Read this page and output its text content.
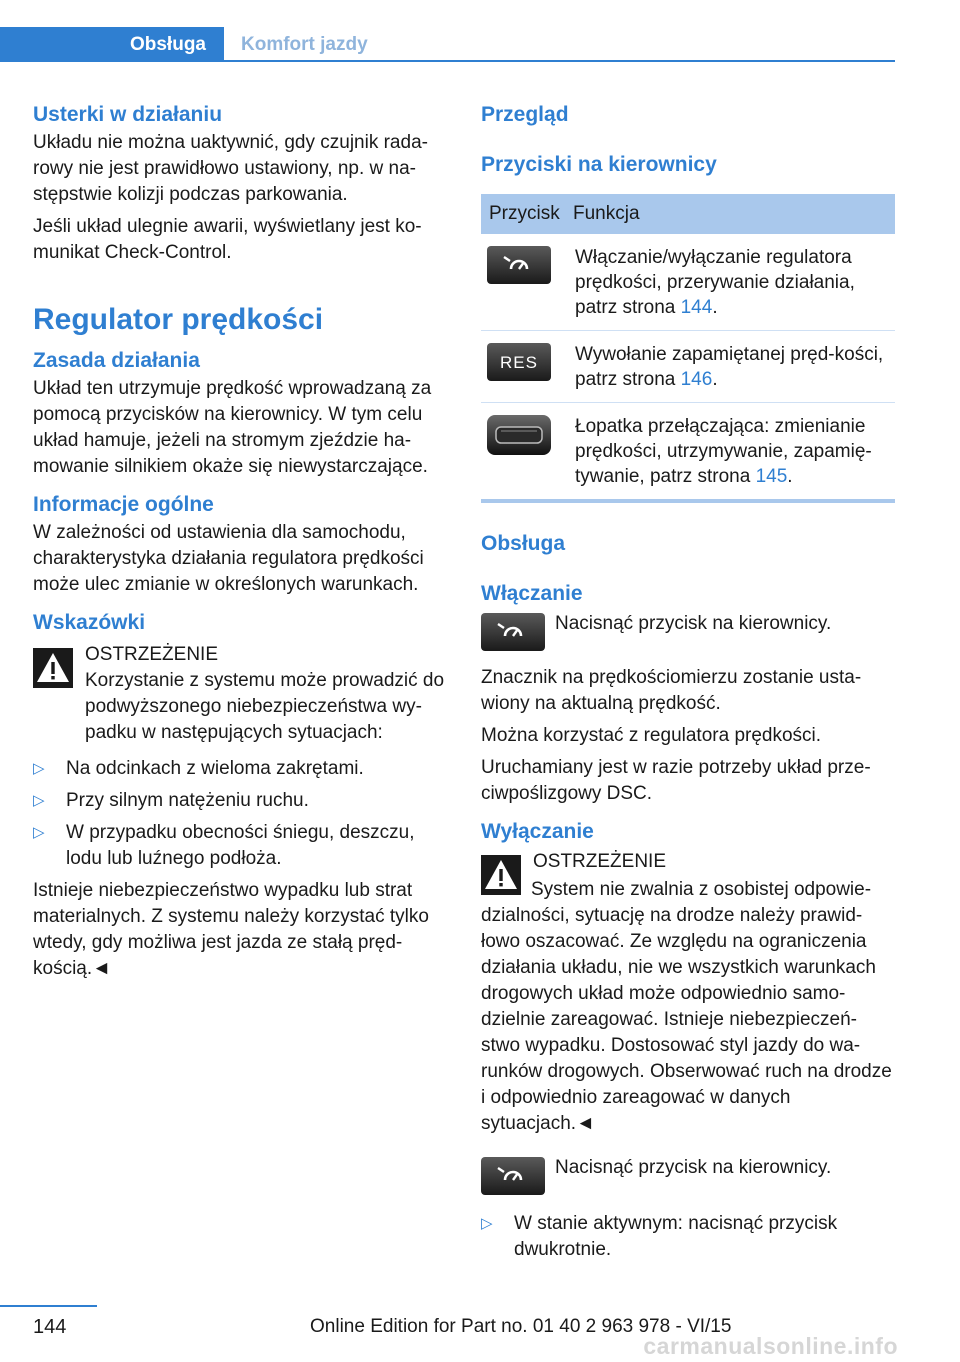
Obsługa	Komfort jazdy
Usterki w działaniu

Układu nie można uaktywnić, gdy czujnik rada-rowy nie jest prawidłowo ustawiony, np. w na-stępstwie kolizji podczas parkowania.

Jeśli układ ulegnie awarii, wyświetlany jest ko-munikat Check-Control.

Regulator prędkości
Zasada działania

Układ ten utrzymuje prędkość wprowadzaną za pomocą przycisków na kierownicy. W tym celu układ hamuje, jeżeli na stromym zjeździe ha-mowanie silnikiem okaże się niewystarczające.

Informacje ogólne

W zależności od ustawienia dla samochodu, charakterystyka działania regulatora prędkości może ulec zmianie w określonych warunkach.

Wskazówki

OSTRZEŻENIE

Korzystanie z systemu może prowadzić do podwyższonego niebezpieczeństwa wy-padku w następujących sytuacjach:

▷ Na odcinkach z wieloma zakrętami.
▷ Przy silnym natężeniu ruchu.
▷ W przypadku obecności śniegu, deszczu, lodu lub luźnego podłoża.

Istnieje niebezpieczeństwo wypadku lub strat materialnych. Z systemu należy korzystać tylko wtedy, gdy możliwa jest jazda ze stałą pręd-kością.◄

Przegląd
Przyciski na kierownicy
Przycisk	Funkcja

	Włączanie/wyłączanie regulatora prędkości, przerywanie działania, patrz strona 144.

RES	Wywołanie zapamiętanej pręd-kości, patrz strona 146.

	Łopatka przełączająca: zmienianie prędkości, utrzymywanie, zapamię-tywanie, patrz strona 145.
Obsługa
Włączanie

Nacisnąć przycisk na kierownicy.

Znacznik na prędkościomierzu zostanie usta-wiony na aktualną prędkość.

Można korzystać z regulatora prędkości.

Uruchamiany jest w razie potrzeby układ prze-ciwpoślizgowy DSC.

Wyłączanie

OSTRZEŻENIE

System nie zwalnia z osobistej odpowie-dzialności, sytuację na drodze należy prawid-łowo oszacować. Ze względu na ograniczenia działania układu, nie we wszystkich warunkach drogowych układ może odpowiednio samo-dzielnie zareagować. Istnieje niebezpieczeń-stwo wypadku. Dostosować styl jazdy do wa-runków drogowych. Obserwować ruch na drodze i odpowiednio zareagować w danych sytuacjach.◄

Nacisnąć przycisk na kierownicy.

▷ W stanie aktywnym: nacisnąć przycisk dwukrotnie.
144	Online Edition for Part no. 01 40 2 963 978 - VI/15
carmanualsonline.info
